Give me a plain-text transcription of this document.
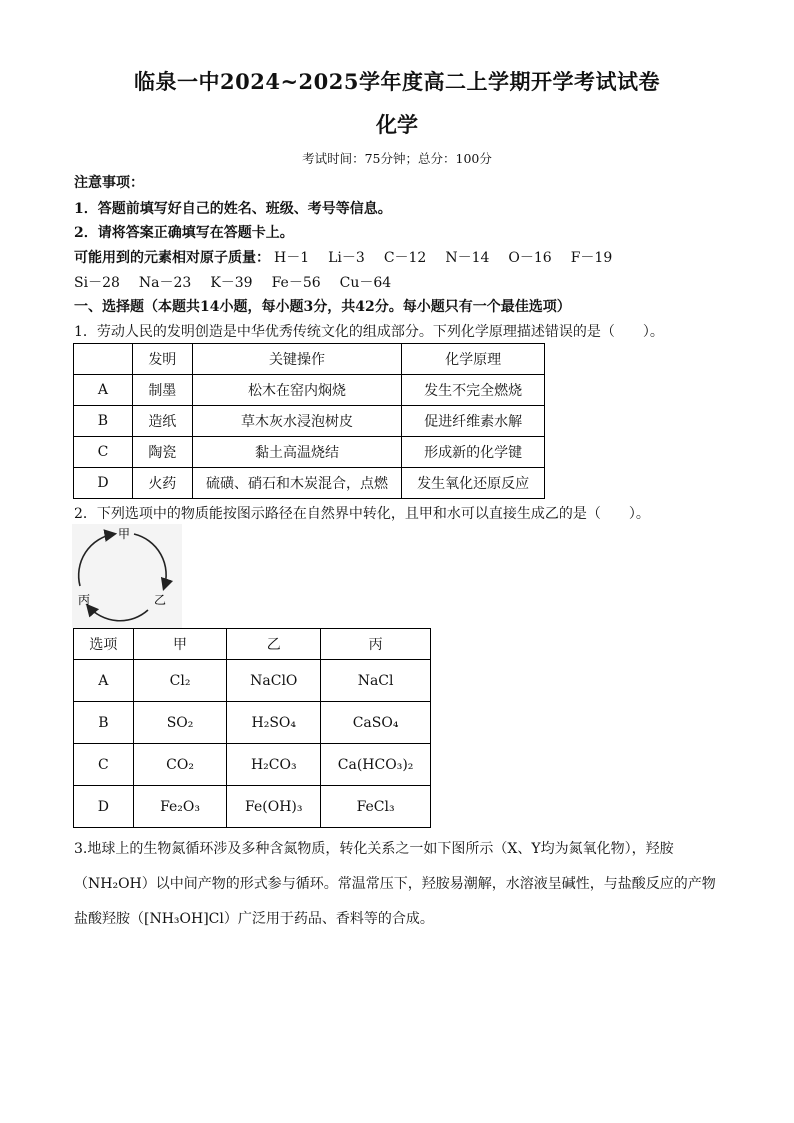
临泉一中2024~2025学年度高二上学期开学考试试卷
化学
考试时间：75分钟；总分：100分
注意事项：
1．答题前填写好自己的姓名、班级、考号等信息。
2．请将答案正确填写在答题卡上。
可能用到的元素相对原子质量： H－1 Li－3 C－12 N－14 O－16 F－19
Si－28 Na－23 K－39 Fe－56 Cu－64
一、选择题（本题共14小题，每小题3分，共42分。每小题只有一个最佳选项）
1．劳动人民的发明创造是中华优秀传统文化的组成部分。下列化学原理描述错误的是（　　）。
	发明	关键操作	化学原理
A	制墨	松木在窑内焖烧	发生不完全燃烧
B	造纸	草木灰水浸泡树皮	促进纤维素水解
C	陶瓷	黏土高温烧结	形成新的化学键
D	火药	硫磺、硝石和木炭混合，点燃	发生氧化还原反应
2．下列选项中的物质能按图示路径在自然界中转化，且甲和水可以直接生成乙的是（　　）。
甲
乙
丙
选项	甲	乙	丙
A	Cl₂	NaClO	NaCl
B	SO₂	H₂SO₄	CaSO₄
C	CO₂	H₂CO₃	Ca(HCO₃)₂
D	Fe₂O₃	Fe(OH)₃	FeCl₃
3.地球上的生物氮循环涉及多种含氮物质，转化关系之一如下图所示（X、Y均为氮氧化物），羟胺（NH₂OH）以中间产物的形式参与循环。常温常压下，羟胺易潮解，水溶液呈碱性，与盐酸反应的产物盐酸羟胺（[NH₃OH]Cl）广泛用于药品、香料等的合成。
